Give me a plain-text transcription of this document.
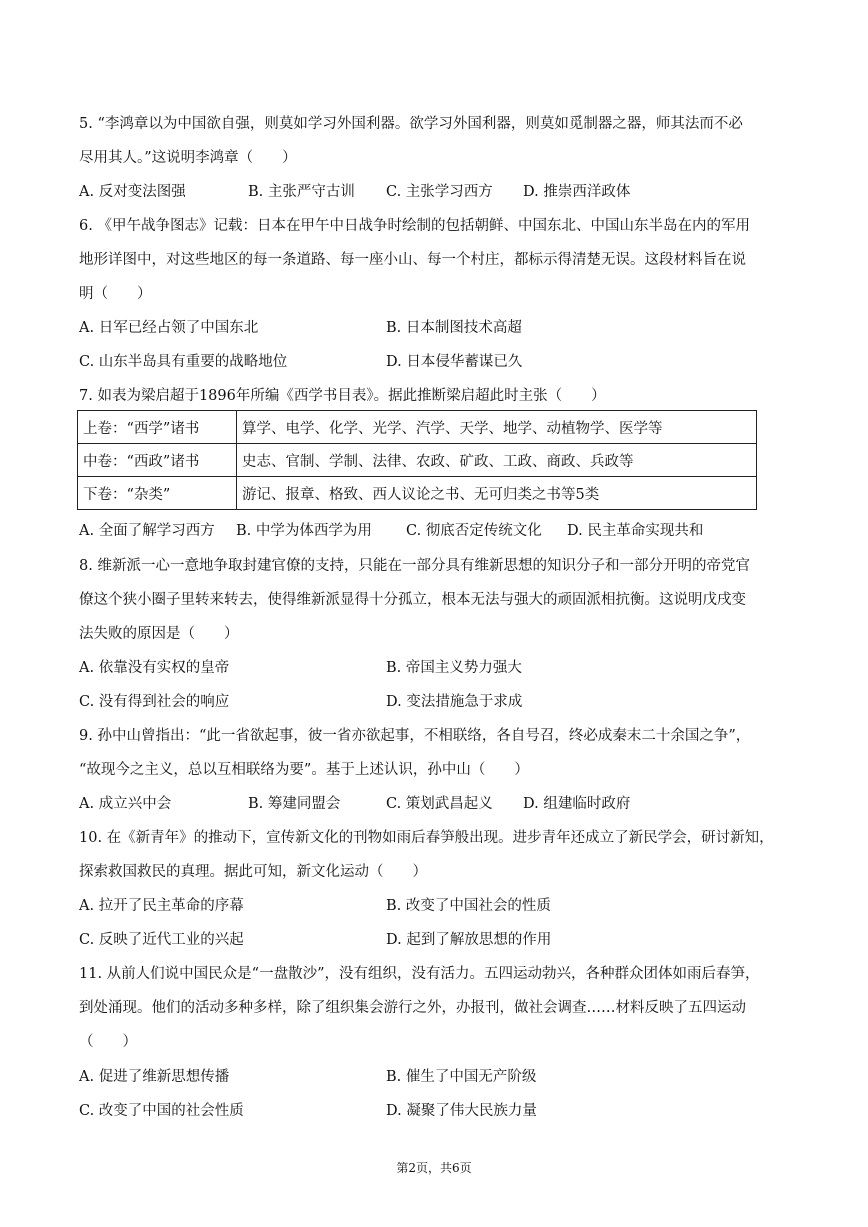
5. “李鸿章以为中国欲自强，则莫如学习外国利器。欲学习外国利器，则莫如觅制器之器，师其法而不必
尽用其人。”这说明李鸿章（　　）
A. 反对变法图强	B. 主张严守古训 C. 主张学习西方 D. 推崇西洋政体
6. 《甲午战争图志》记载：日本在甲午中日战争时绘制的包括朝鲜、中国东北、中国山东半岛在内的军用
地形详图中，对这些地区的每一条道路、每一座小山、每一个村庄，都标示得清楚无误。这段材料旨在说
明（　　）
A. 日军已经占领了中国东北	B. 日本制图技术高超
C. 山东半岛具有重要的战略地位	D. 日本侵华蓄谋已久
7. 如表为梁启超于1896年所编《西学书目表》。据此推断梁启超此时主张（　　）
上卷：“西学”诸书	算学、电学、化学、光学、汽学、天学、地学、动植物学、医学等
中卷：“西政”诸书	史志、官制、学制、法律、农政、矿政、工政、商政、兵政等
下卷：“杂类”	游记、报章、格致、西人议论之书、无可归类之书等5类
A. 全面了解学习西方 B. 中学为体西学为用 C. 彻底否定传统文化 D. 民主革命实现共和
8. 维新派一心一意地争取封建官僚的支持，只能在一部分具有维新思想的知识分子和一部分开明的帝党官
僚这个狭小圈子里转来转去，使得维新派显得十分孤立，根本无法与强大的顽固派相抗衡。这说明戊戌变
法失败的原因是（　　）
A. 依靠没有实权的皇帝	B. 帝国主义势力强大
C. 没有得到社会的响应	D. 变法措施急于求成
9. 孙中山曾指出：“此一省欲起事，彼一省亦欲起事，不相联络，各自号召，终必成秦末二十余国之争”，
“故现今之主义，总以互相联络为要”。基于上述认识，孙中山（　　）
A. 成立兴中会	B. 筹建同盟会	C. 策划武昌起义 D. 组建临时政府
10. 在《新青年》的推动下，宣传新文化的刊物如雨后春笋般出现。进步青年还成立了新民学会，研讨新知，
探索救国救民的真理。据此可知，新文化运动（　　）
A. 拉开了民主革命的序幕	B. 改变了中国社会的性质
C. 反映了近代工业的兴起	D. 起到了解放思想的作用
11. 从前人们说中国民众是“一盘散沙”，没有组织，没有活力。五四运动勃兴，各种群众团体如雨后春笋，
到处涌现。他们的活动多种多样，除了组织集会游行之外，办报刊，做社会调查……材料反映了五四运动
（　　）
A. 促进了维新思想传播	B. 催生了中国无产阶级
C. 改变了中国的社会性质	D. 凝聚了伟大民族力量
第2页，共6页
